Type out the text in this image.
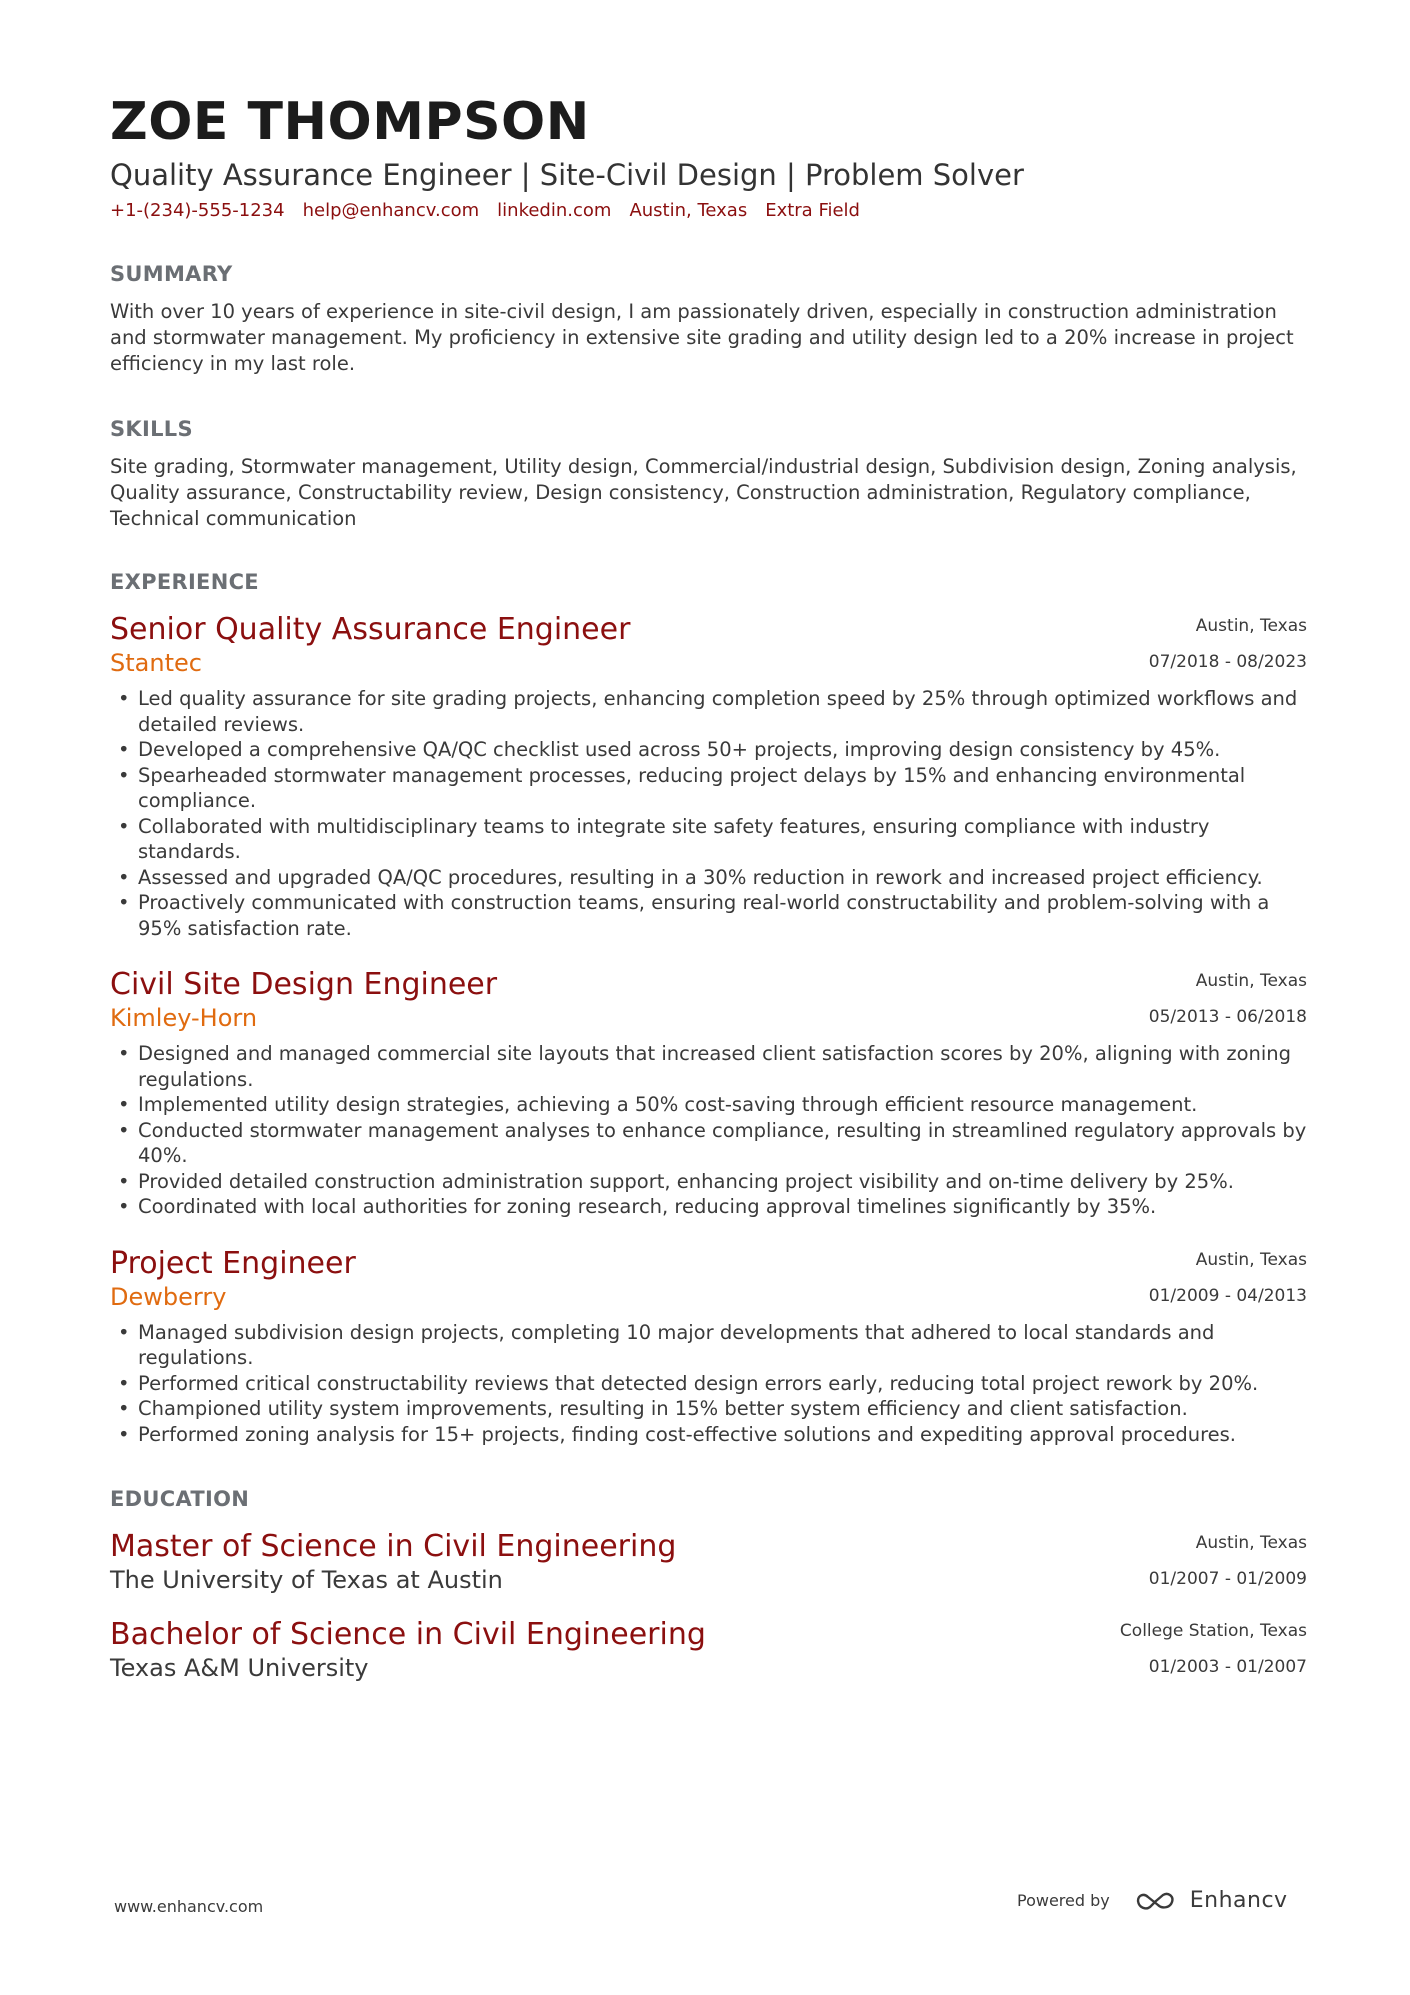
ZOE THOMPSON
Quality Assurance Engineer | Site-Civil Design | Problem Solver
+1-(234)-555-1234 help@enhancv.com linkedin.com Austin, Texas Extra Field
SUMMARY

With over 10 years of experience in site-civil design, I am passionately driven, especially in construction administration and stormwater management. My proficiency in extensive site grading and utility design led to a 20% increase in project efficiency in my last role.

SKILLS

Site grading, Stormwater management, Utility design, Commercial/industrial design, Subdivision design, Zoning analysis, Quality assurance, Constructability review, Design consistency, Construction administration, Regulatory compliance, Technical communication

EXPERIENCE
Senior Quality Assurance Engineer
Stantec
Austin, Texas
07/2018 - 08/2023
• Led quality assurance for site grading projects, enhancing completion speed by 25% through optimized workflows and detailed reviews.
• Developed a comprehensive QA/QC checklist used across 50+ projects, improving design consistency by 45%.
• Spearheaded stormwater management processes, reducing project delays by 15% and enhancing environmental compliance.
• Collaborated with multidisciplinary teams to integrate site safety features, ensuring compliance with industry standards.
• Assessed and upgraded QA/QC procedures, resulting in a 30% reduction in rework and increased project efficiency.
• Proactively communicated with construction teams, ensuring real-world constructability and problem-solving with a 95% satisfaction rate.
Civil Site Design Engineer
Kimley-Horn
Austin, Texas
05/2013 - 06/2018
• Designed and managed commercial site layouts that increased client satisfaction scores by 20%, aligning with zoning regulations.
• Implemented utility design strategies, achieving a 50% cost-saving through efficient resource management.
• Conducted stormwater management analyses to enhance compliance, resulting in streamlined regulatory approvals by 40%.
• Provided detailed construction administration support, enhancing project visibility and on-time delivery by 25%.
• Coordinated with local authorities for zoning research, reducing approval timelines significantly by 35%.
Project Engineer
Dewberry
Austin, Texas
01/2009 - 04/2013
• Managed subdivision design projects, completing 10 major developments that adhered to local standards and regulations.
• Performed critical constructability reviews that detected design errors early, reducing total project rework by 20%.
• Championed utility system improvements, resulting in 15% better system efficiency and client satisfaction.
• Performed zoning analysis for 15+ projects, finding cost-effective solutions and expediting approval procedures.
EDUCATION
Master of Science in Civil Engineering
The University of Texas at Austin
Austin, Texas
01/2007 - 01/2009
Bachelor of Science in Civil Engineering
Texas A&M University
College Station, Texas
01/2003 - 01/2007
www.enhancv.com	Powered by	Enhancv
